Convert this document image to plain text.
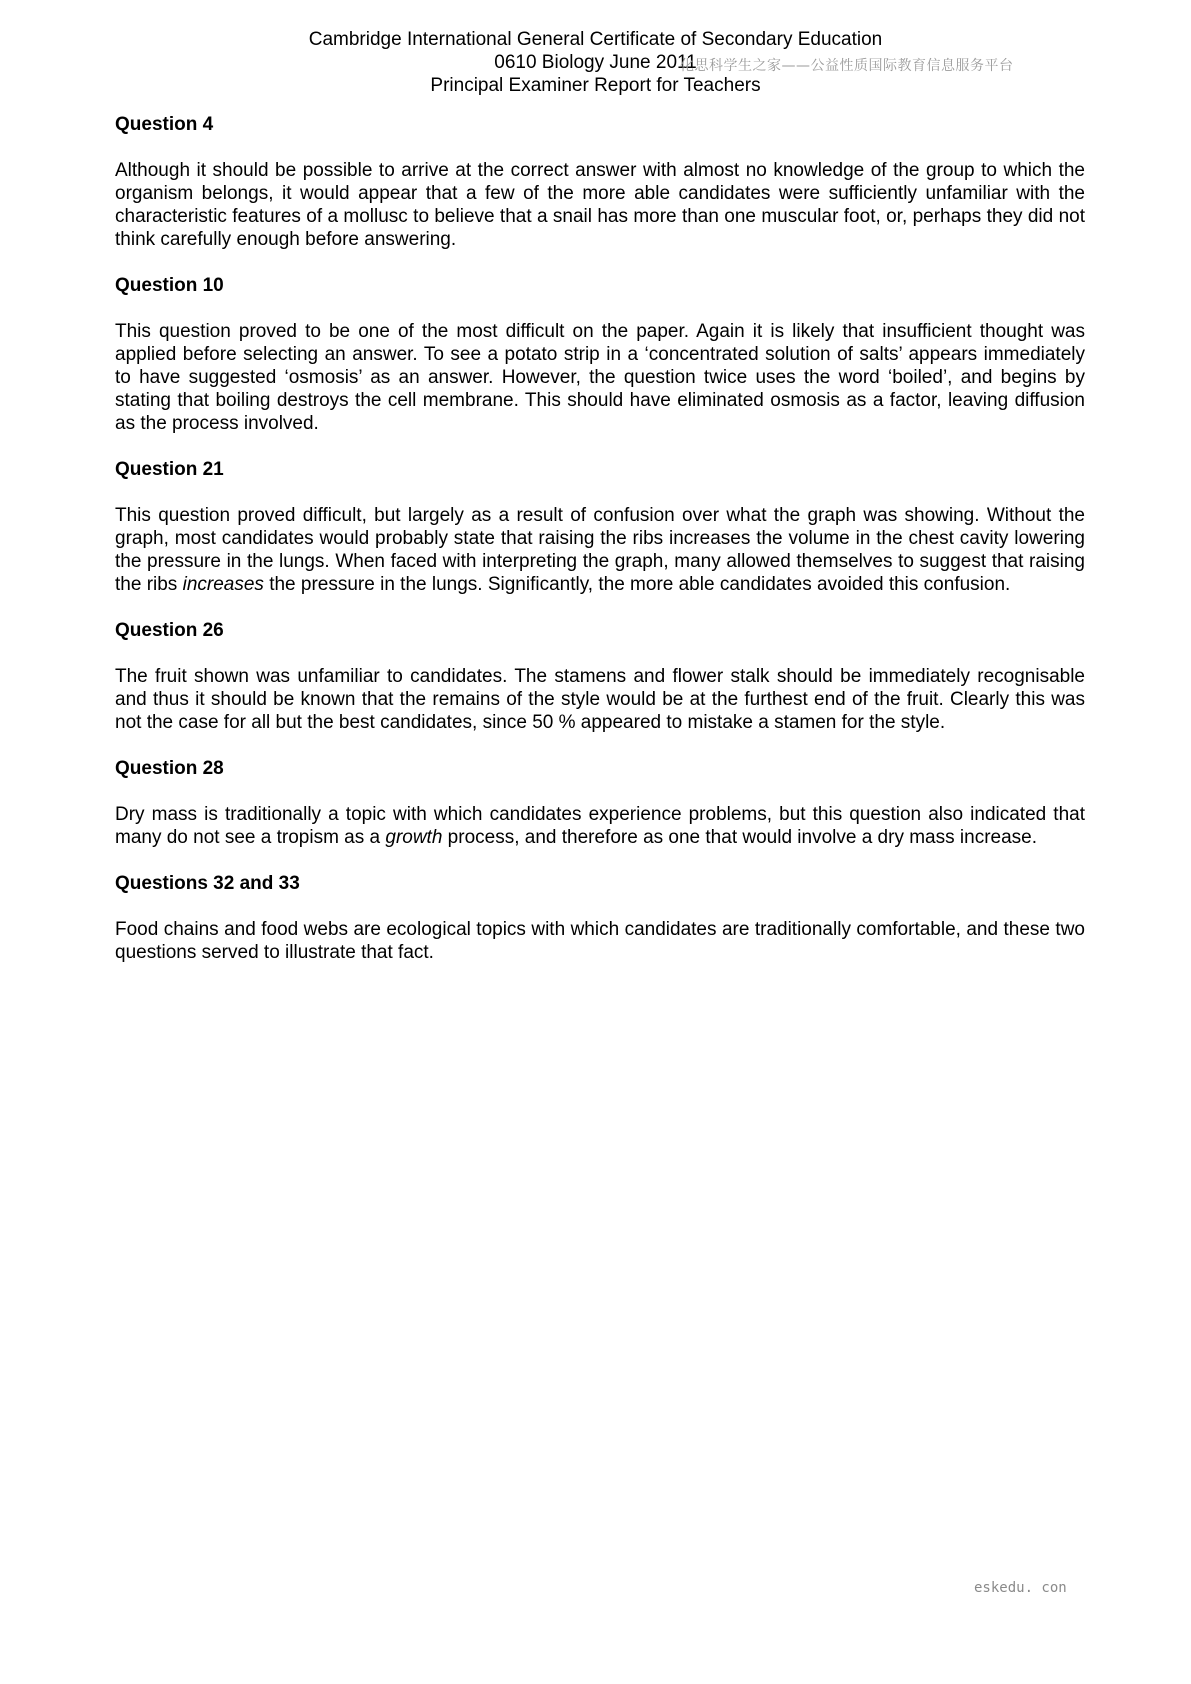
Cambridge International General Certificate of Secondary Education
0610 Biology June 2011
Principal Examiner Report for Teachers
化思科学生之家——公益性质国际教育信息服务平台
Question 4

Although it should be possible to arrive at the correct answer with almost no knowledge of the group to which the organism belongs, it would appear that a few of the more able candidates were sufficiently unfamiliar with the characteristic features of a mollusc to believe that a snail has more than one muscular foot, or, perhaps they did not think carefully enough before answering.

Question 10

This question proved to be one of the most difficult on the paper. Again it is likely that insufficient thought was applied before selecting an answer. To see a potato strip in a ‘concentrated solution of salts’ appears immediately to have suggested ‘osmosis’ as an answer. However, the question twice uses the word ‘boiled’, and begins by stating that boiling destroys the cell membrane. This should have eliminated osmosis as a factor, leaving diffusion as the process involved.

Question 21

This question proved difficult, but largely as a result of confusion over what the graph was showing. Without the graph, most candidates would probably state that raising the ribs increases the volume in the chest cavity lowering the pressure in the lungs. When faced with interpreting the graph, many allowed themselves to suggest that raising the ribs increases the pressure in the lungs. Significantly, the more able candidates avoided this confusion.

Question 26

The fruit shown was unfamiliar to candidates. The stamens and flower stalk should be immediately recognisable and thus it should be known that the remains of the style would be at the furthest end of the fruit. Clearly this was not the case for all but the best candidates, since 50 % appeared to mistake a stamen for the style.

Question 28

Dry mass is traditionally a topic with which candidates experience problems, but this question also indicated that many do not see a tropism as a growth process, and therefore as one that would involve a dry mass increase.

Questions 32 and 33

Food chains and food webs are ecological topics with which candidates are traditionally comfortable, and these two questions served to illustrate that fact.

eskedu. con
